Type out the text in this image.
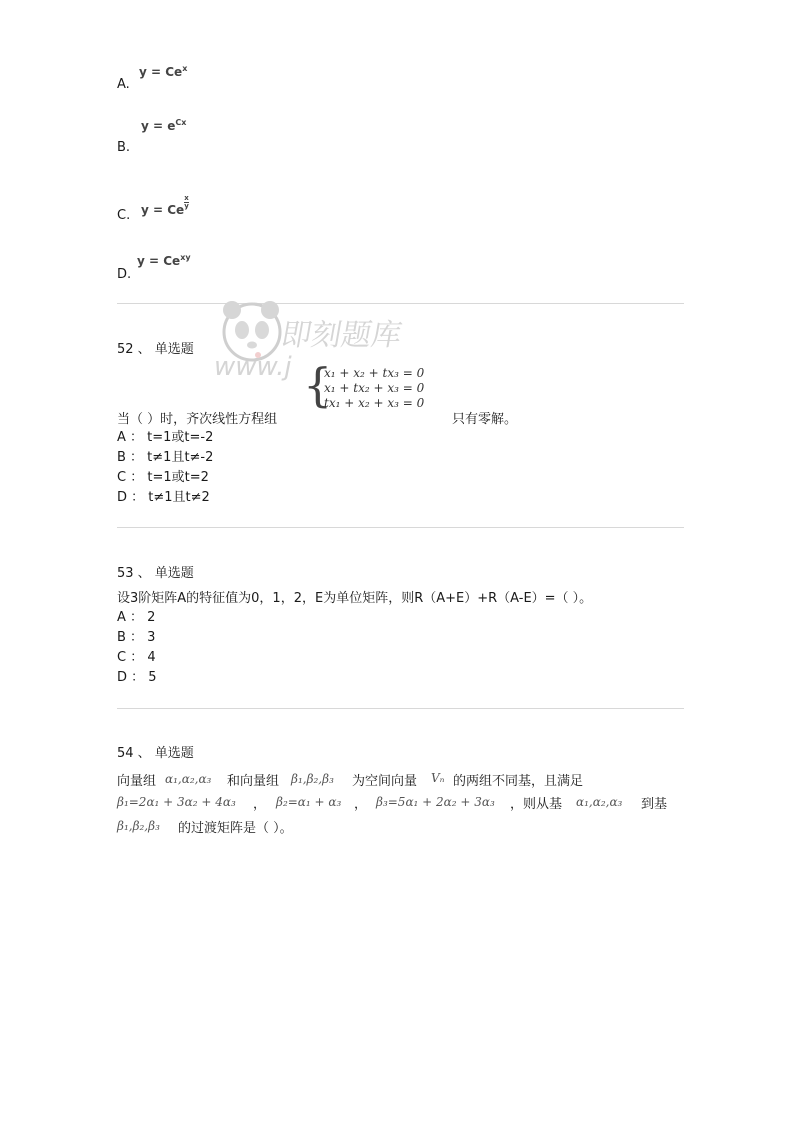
A.
$y = Ce^x$
B.
$y = e^{Cx}$
C. y = Ce $\frac{x}{y}$
D.
$y = Ce^{xy}$
即刻题库
www.j
52 、 单选题
当（ ）时，齐次线性方程组
{
x₁ + x₂ + tx₃ = 0
x₁ + tx₂ + x₃ = 0
tx₁ + x₂ + x₃ = 0
只有零解。
A ： t=1或t=-2
B ： t≠1且t≠-2
C ： t=1或t=2
D ： t≠1且t≠2
53 、 单选题
设3阶矩阵A的特征值为0，1，2，E为单位矩阵，则R（A+E）+R（A-E）=（ ）。
A ： 2
B ： 3
C ： 4
D ： 5
54 、 单选题
向量组 α₁,α₂,α₃ 和向量组 β₁,β₂,β₃ 为空间向量 Vₙ 的两组不同基，且满足
β₁=2α₁ + 3α₂ + 4α₃ ， β₂=α₁ + α₃ ， β₃=5α₁ + 2α₂ + 3α₃ ，则从基 α₁,α₂,α₃ 到基
β₁,β₂,β₃ 的过渡矩阵是（ ）。
